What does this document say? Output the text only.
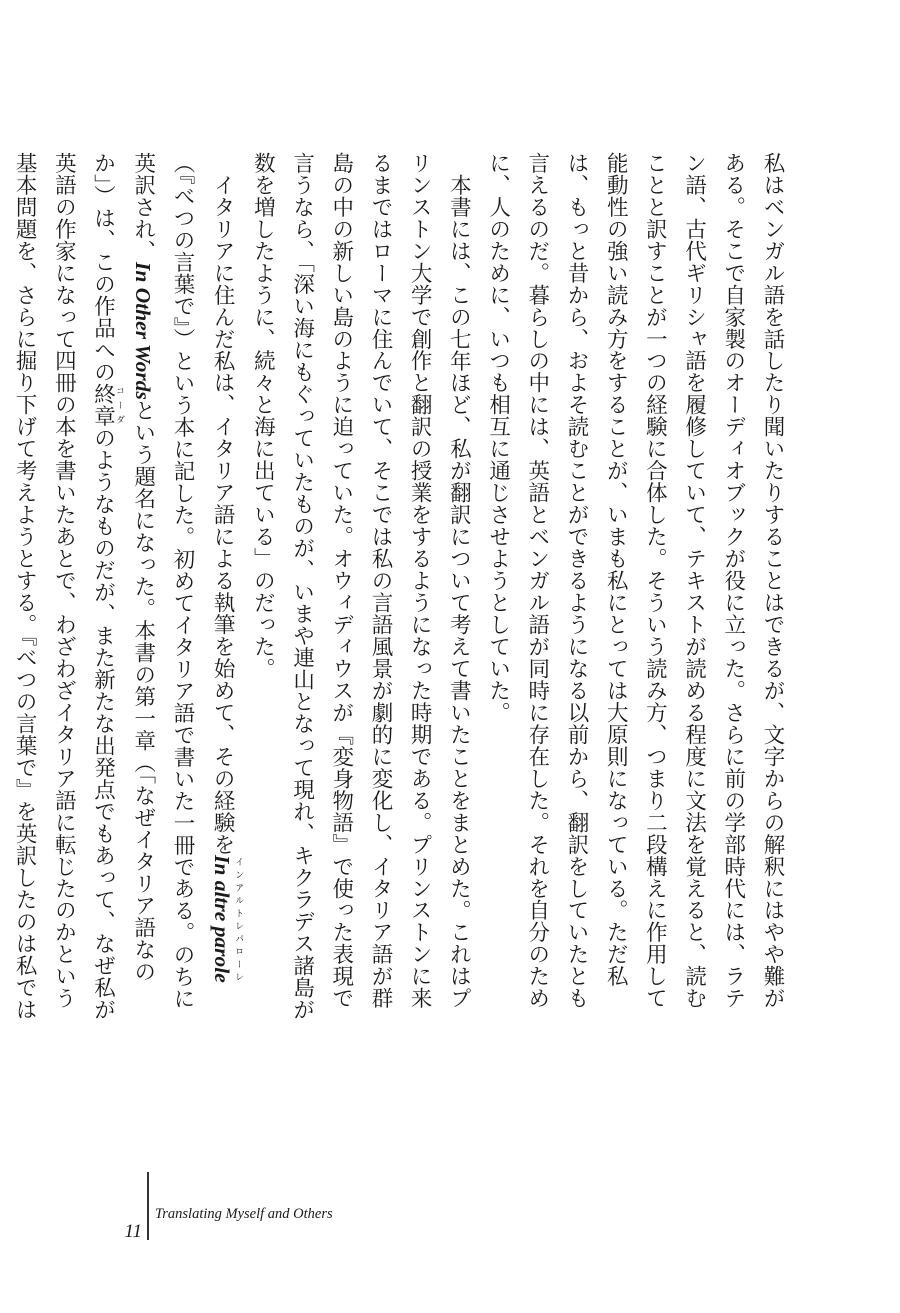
私はベンガル語を話したり聞いたりすることはできるが、文字からの解釈にはやや難がある。そこで自家製のオーディオブックが役に立った。さらに前の学部時代には、ラテン語、古代ギリシャ語を履修していて、テキストが読める程度に文法を覚えると、読むことと訳すことが一つの経験に合体した。そういう読み方、つまり二段構えに作用して能動性の強い読み方をすることが、いまも私にとっては大原則になっている。ただ私は、もっと昔から、およそ読むことができるようになる以前から、翻訳をしていたとも言えるのだ。暮らしの中には、英語とベンガル語が同時に存在した。それを自分のために、人のために、いつも相互に通じさせようとしていた。

本書には、この七年ほど、私が翻訳について考えて書いたことをまとめた。これはプリンストン大学で創作と翻訳の授業をするようになった時期である。プリンストンに来るまではローマに住んでいて、そこでは私の言語風景が劇的に変化し、イタリア語が群島の中の新しい島のように迫っていた。オウィディウスが『変身物語』で使った表現で言うなら、「深い海にもぐっていたものが、いまや連山となって現れ、キクラデス諸島が数を増したように、続々と海に出ている」のだった。

イタリアに住んだ私は、イタリア語による執筆を始めて、その経験をIn altre parole インアルトレパローレ（『べつの言葉で』）という本に記した。初めてイタリア語で書いた一冊である。のちに英訳され、In Other Wordsという題名になった。本書の第一章（「なぜイタリア語なのか」）は、この作品への終章コーダのようなものだが、また新たな出発点でもあって、なぜ私が英語の作家になって四冊の本を書いたあとで、わざわざイタリア語に転じたのかという基本問題を、さらに掘り下げて考えようとする。『べつの言葉で』を英訳したのは私では

11
Translating Myself and Others
